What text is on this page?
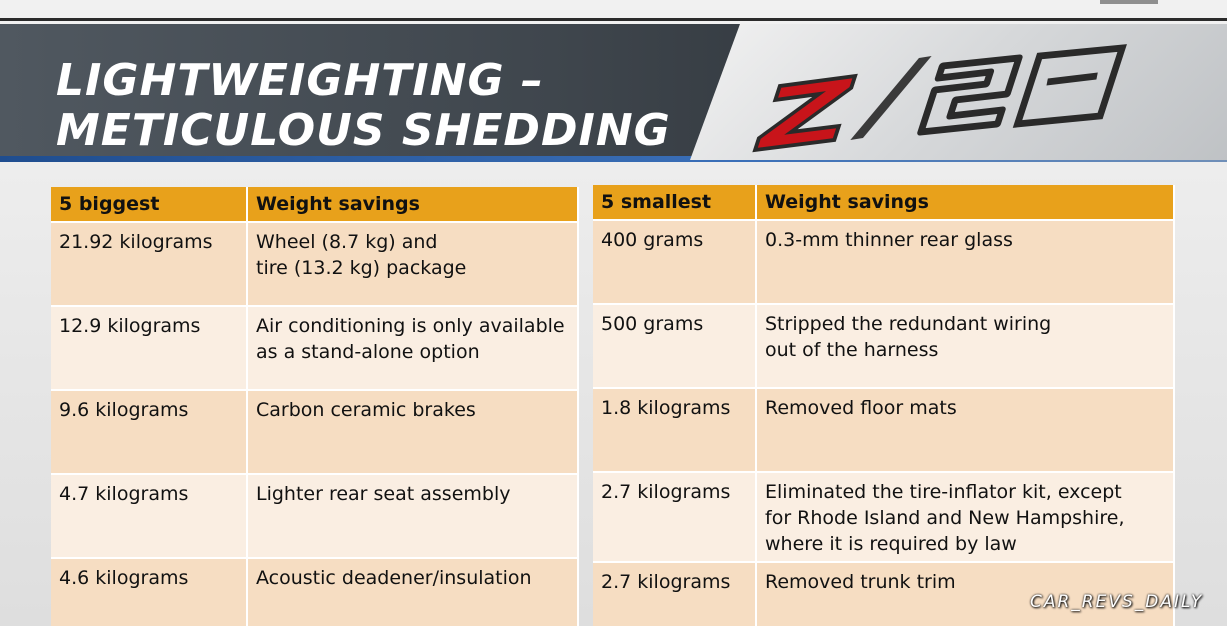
LIGHTWEIGHTING –
METICULOUS SHEDDING
5 biggest	Weight savings
21.92 kilograms	Wheel (8.7 kg) and
tire (13.2 kg) package

12.9 kilograms	Air conditioning is only available
as a stand-alone option

9.6 kilograms	Carbon ceramic brakes

4.7 kilograms	Lighter rear seat assembly

4.6 kilograms	Acoustic deadener/insulation
5 smallest	Weight savings
400 grams	0.3-mm thinner rear glass

500 grams	Stripped the redundant wiring
out of the harness

1.8 kilograms	Removed floor mats

2.7 kilograms	Eliminated the tire-inflator kit, except
for Rhode Island and New Hampshire,
where it is required by law

2.7 kilograms	Removed trunk trim
CAR_REVS_DAILY
